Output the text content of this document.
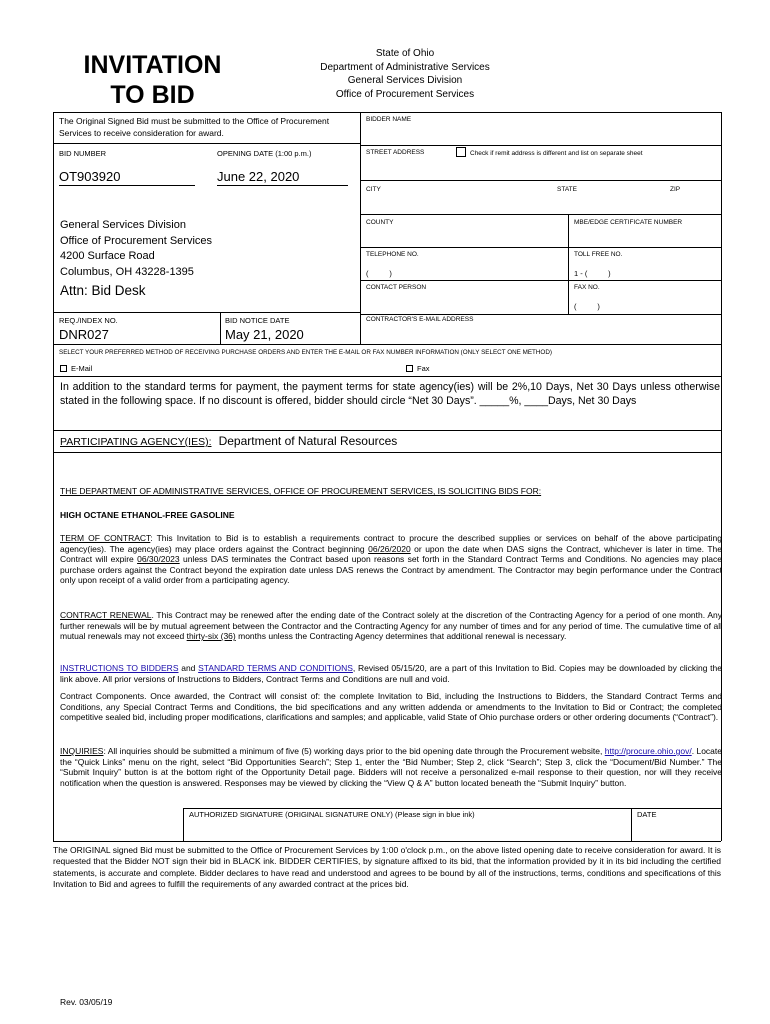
INVITATION
TO BID
State of Ohio
Department of Administrative Services
General Services Division
Office of Procurement Services
The Original Signed Bid must be submitted to the Office of Procurement Services to receive consideration for award.
BID NUMBER	OPENING DATE (1:00 p.m.)
OT903920	June 22, 2020
General Services Division
Office of Procurement Services
4200 Surface Road
Columbus, OH 43228-1395
Attn: Bid Desk
REQ./INDEX NO.
DNR027
BID NOTICE DATE
May 21, 2020
BIDDER NAME
STREET ADDRESS	Check if remit address is different and list on separate sheet
CITY	STATE	ZIP
COUNTY	MBE/EDGE CERTIFICATE NUMBER
TELEPHONE NO.
(          )
TOLL FREE NO.
1 - (          )
CONTACT PERSON	FAX NO.
(          )
CONTRACTOR'S E-MAIL ADDRESS
SELECT YOUR PREFERRED METHOD OF RECEIVING PURCHASE ORDERS AND ENTER THE E-MAIL OR FAX NUMBER INFORMATION (ONLY SELECT ONE METHOD)
E-Mail	Fax
In addition to the standard terms for payment, the payment terms for state agency(ies) will be 2%,10 Days, Net 30 Days unless otherwise stated in the following space. If no discount is offered, bidder should circle “Net 30 Days”. _____%, ____Days, Net 30 Days
PARTICIPATING AGENCY(IES): Department of Natural Resources
THE DEPARTMENT OF ADMINISTRATIVE SERVICES, OFFICE OF PROCUREMENT SERVICES, IS SOLICITING BIDS FOR:
HIGH OCTANE ETHANOL-FREE GASOLINE

TERM OF CONTRACT: This Invitation to Bid is to establish a requirements contract to procure the described supplies or services on behalf of the above participating agency(ies). The agency(ies) may place orders against the Contract beginning 06/26/2020 or upon the date when DAS signs the Contract, whichever is later in time. The Contract will expire 06/30/2023 unless DAS terminates the Contract based upon reasons set forth in the Standard Contract Terms and Conditions. No agencies may place purchase orders against the Contract beyond the expiration date unless DAS renews the Contract by amendment. The Contractor may begin performance under the Contract only upon receipt of a valid order from a participating agency.

CONTRACT RENEWAL. This Contract may be renewed after the ending date of the Contract solely at the discretion of the Contracting Agency for a period of one month. Any further renewals will be by mutual agreement between the Contractor and the Contracting Agency for any number of times and for any period of time. The cumulative time of all mutual renewals may not exceed thirty-six (36) months unless the Contracting Agency determines that additional renewal is necessary.

INSTRUCTIONS TO BIDDERS and STANDARD TERMS AND CONDITIONS, Revised 05/15/20, are a part of this Invitation to Bid. Copies may be downloaded by clicking the link above. All prior versions of Instructions to Bidders, Contract Terms and Conditions are null and void.

Contract Components. Once awarded, the Contract will consist of: the complete Invitation to Bid, including the Instructions to Bidders, the Standard Contract Terms and Conditions, any Special Contract Terms and Conditions, the bid specifications and any written addenda or amendments to the Invitation to Bid or Contract; the completed competitive sealed bid, including proper modifications, clarifications and samples; and applicable, valid State of Ohio purchase orders or other ordering documents (“Contract”).

INQUIRIES: All inquiries should be submitted a minimum of five (5) working days prior to the bid opening date through the Procurement website, http://procure.ohio.gov/. Locate the “Quick Links” menu on the right, select “Bid Opportunities Search”; Step 1, enter the “Bid Number; Step 2, click “Search”; Step 3, click the “Document/Bid Number.” The “Submit Inquiry” button is at the bottom right of the Opportunity Detail page. Bidders will not receive a personalized e-mail response to their question, nor will they receive notification when the question is answered. Responses may be viewed by clicking the “View Q & A” button located beneath the “Submit Inquiry” button.

AUTHORIZED SIGNATURE (ORIGINAL SIGNATURE ONLY) (Please sign in blue ink)	DATE
The ORIGINAL signed Bid must be submitted to the Office of Procurement Services by 1:00 o'clock p.m., on the above listed opening date to receive consideration for award. It is requested that the Bidder NOT sign their bid in BLACK ink. BIDDER CERTIFIES, by signature affixed to its bid, that the information provided by it in its bid including the certified statements, is accurate and complete. Bidder declares to have read and understood and agrees to be bound by all of the instructions, terms, conditions and specifications of this Invitation to Bid and agrees to fulfill the requirements of any awarded contract at the prices bid.
Rev. 03/05/19
